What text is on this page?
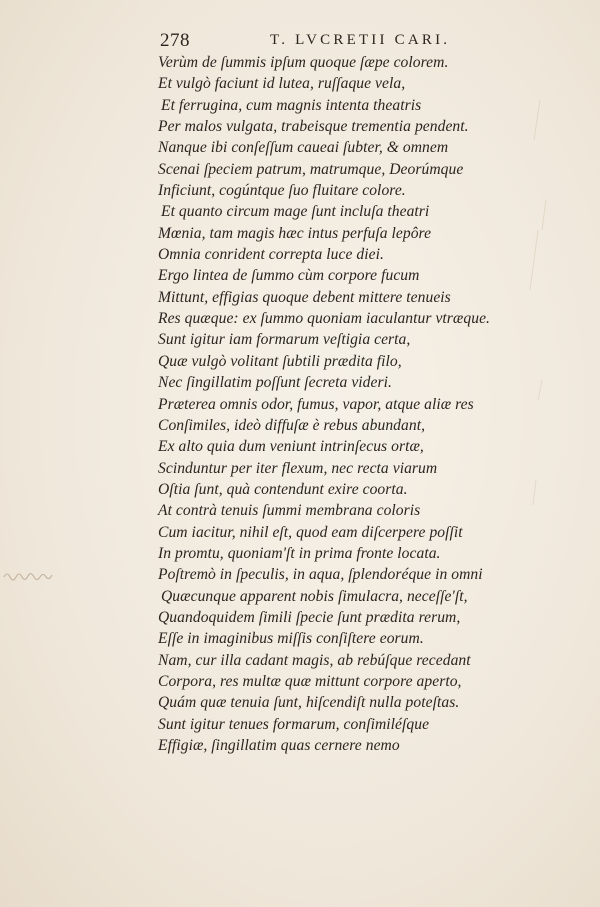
278	T. LVCRETII CARI.
Verùm de ſummis ipſum quoque ſæpe colorem.
Et vulgò faciunt id lutea, ruſſaque vela,
Et ferrugina, cum magnis intenta theatris
Per malos vulgata, trabeisque trementia pendent.
Nanque ibi conſeſſum caueai ſubter, & omnem
Scenai ſpeciem patrum, matrumque, Deorúmque
Inficiunt, cogúntque ſuo fluitare colore.
Et quanto circum mage ſunt incluſa theatri
Mœnia, tam magis hæc intus perfuſa lepôre
Omnia conrident correpta luce diei.
Ergo lintea de ſummo cùm corpore fucum
Mittunt, effigias quoque debent mittere tenueis
Res quæque: ex ſummo quoniam iaculantur vtræque.
Sunt igitur iam formarum veſtigia certa,
Quæ vulgò volitant ſubtili prædita filo,
Nec ſingillatim poſſunt ſecreta videri.
Præterea omnis odor, fumus, vapor, atque aliæ res
Conſimiles, ideò diffuſæ è rebus abundant,
Ex alto quia dum veniunt intrinſecus ortæ,
Scinduntur per iter flexum, nec recta viarum
Oſtia ſunt, quà contendunt exire coorta.
At contrà tenuis ſummi membrana coloris
Cum iacitur, nihil eſt, quod eam diſcerpere poſſit
In promtu, quoniam'ſt in prima fronte locata.
Poſtremò in ſpeculis, in aqua, ſplendoréque in omni
Quæcunque apparent nobis ſimulacra, neceſſe'ſt,
Quandoquidem ſimili ſpecie ſunt prædita rerum,
Eſſe in imaginibus miſſis conſiſtere eorum.
Nam, cur illa cadant magis, ab rebúſque recedant
Corpora, res multæ quæ mittunt corpore aperto,
Quám quæ tenuia ſunt, hiſcendiſt nulla poteſtas.
Sunt igitur tenues formarum, conſimiléſque
Effigiæ, ſingillatim quas cernere nemo
